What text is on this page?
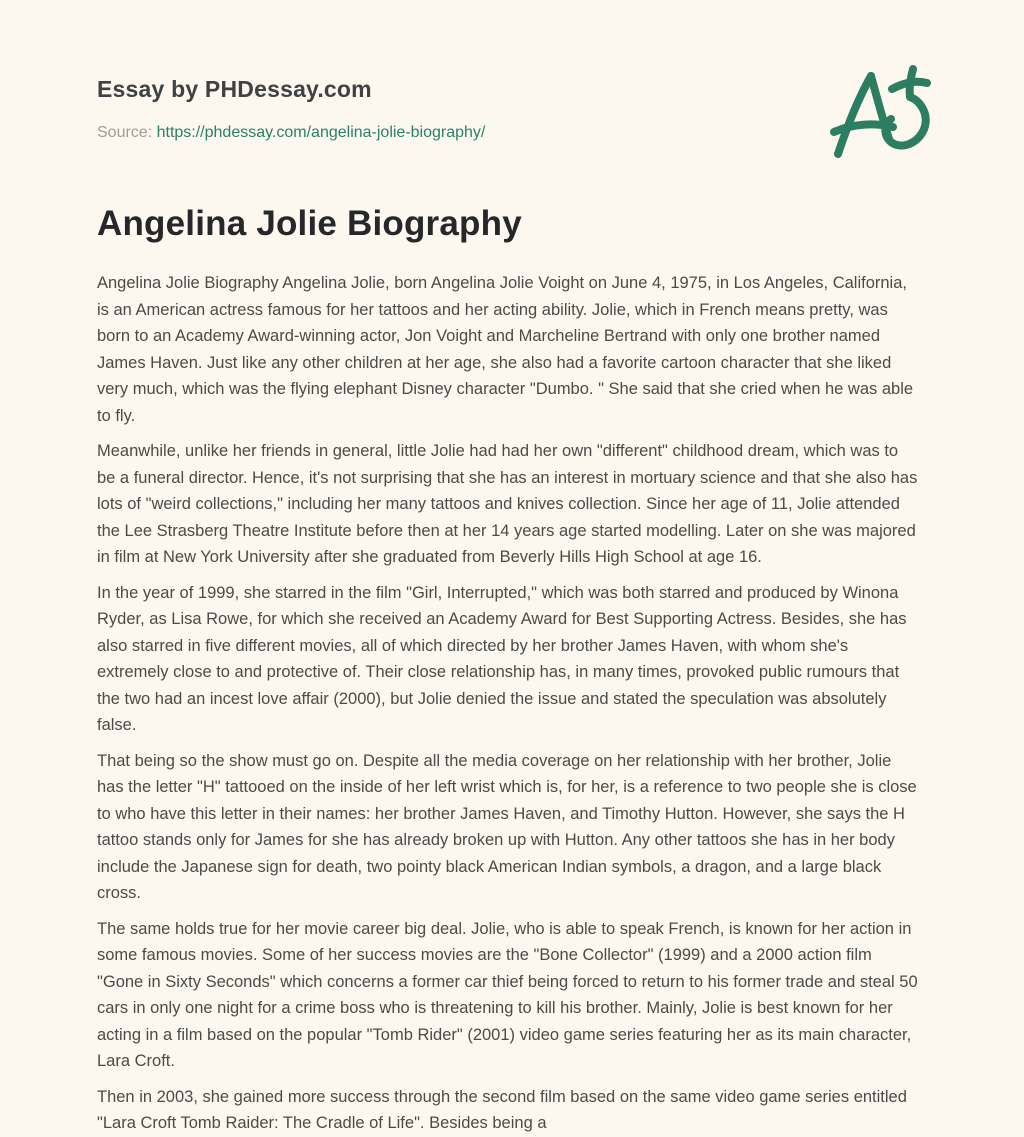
Essay by PHDessay.com

Source: https://phdessay.com/angelina-jolie-biography/

Angelina Jolie Biography

Angelina Jolie Biography Angelina Jolie, born Angelina Jolie Voight on June 4, 1975, in Los Angeles, California, is an American actress famous for her tattoos and her acting ability. Jolie, which in French means pretty, was born to an Academy Award-winning actor, Jon Voight and Marcheline Bertrand with only one brother named James Haven. Just like any other children at her age, she also had a favorite cartoon character that she liked very much, which was the flying elephant Disney character "Dumbo. " She said that she cried when he was able to fly.

Meanwhile, unlike her friends in general, little Jolie had had her own "different" childhood dream, which was to be a funeral director. Hence, it's not surprising that she has an interest in mortuary science and that she also has lots of "weird collections," including her many tattoos and knives collection. Since her age of 11, Jolie attended the Lee Strasberg Theatre Institute before then at her 14 years age started modelling. Later on she was majored in film at New York University after she graduated from Beverly Hills High School at age 16.

In the year of 1999, she starred in the film "Girl, Interrupted," which was both starred and produced by Winona Ryder, as Lisa Rowe, for which she received an Academy Award for Best Supporting Actress. Besides, she has also starred in five different movies, all of which directed by her brother James Haven, with whom she's extremely close to and protective of. Their close relationship has, in many times, provoked public rumours that the two had an incest love affair (2000), but Jolie denied the issue and stated the speculation was absolutely false.

That being so the show must go on. Despite all the media coverage on her relationship with her brother, Jolie has the letter "H" tattooed on the inside of her left wrist which is, for her, is a reference to two people she is close to who have this letter in their names: her brother James Haven, and Timothy Hutton. However, she says the H tattoo stands only for James for she has already broken up with Hutton. Any other tattoos she has in her body include the Japanese sign for death, two pointy black American Indian symbols, a dragon, and a large black cross.

The same holds true for her movie career big deal. Jolie, who is able to speak French, is known for her action in some famous movies. Some of her success movies are the "Bone Collector" (1999) and a 2000 action film "Gone in Sixty Seconds" which concerns a former car thief being forced to return to his former trade and steal 50 cars in only one night for a crime boss who is threatening to kill his brother. Mainly, Jolie is best known for her acting in a film based on the popular "Tomb Rider" (2001) video game series featuring her as its main character, Lara Croft.

Then in 2003, she gained more success through the second film based on the same video game series entitled "Lara Croft Tomb Raider: The Cradle of Life". Besides being a
